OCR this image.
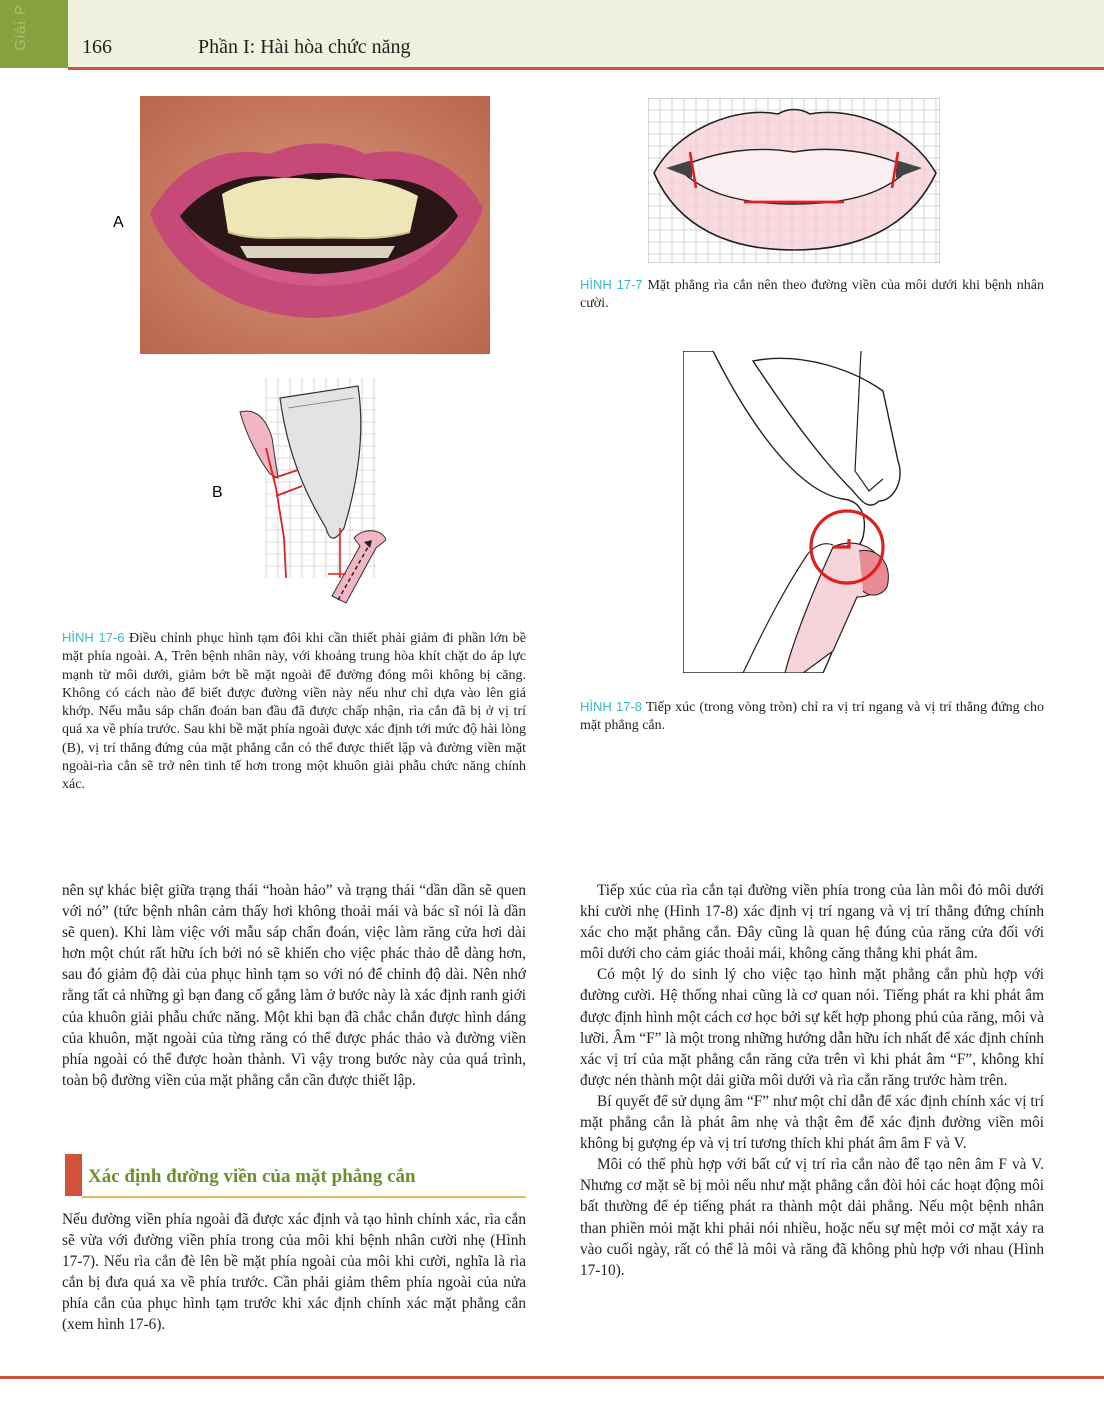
Giải P	166	Phần I: Hài hòa chức năng
A
B
HÌNH 17-6 Điều chỉnh phục hình tạm đôi khi cần thiết phải giảm đi phần lớn bề mặt phía ngoài. A, Trên bệnh nhân này, với khoảng trung hòa khít chặt do áp lực mạnh từ môi dưới, giảm bớt bề mặt ngoài để đường đóng môi không bị căng. Không có cách nào để biết được đường viền này nếu như chỉ dựa vào lên giá khớp. Nếu mẫu sáp chẩn đoán ban đầu đã được chấp nhận, rìa cắn đã bị ở vị trí quá xa về phía trước. Sau khi bề mặt phía ngoài được xác định tới mức độ hài lòng (B), vị trí thẳng đứng của mặt phẳng cắn có thể được thiết lập và đường viền mặt ngoài-rìa cắn sẽ trở nên tinh tế hơn trong một khuôn giải phẫu chức năng chính xác.
HÌNH 17-7 Mặt phẳng rìa cắn nên theo đường viền của môi dưới khi bệnh nhân cười.
HÌNH 17-8 Tiếp xúc (trong vòng tròn) chỉ ra vị trí ngang và vị trí thẳng đứng cho mặt phẳng cắn.

nên sự khác biệt giữa trạng thái “hoàn hảo” và trạng thái “dần dần sẽ quen với nó” (tức bệnh nhân cảm thấy hơi không thoải mái và bác sĩ nói là dần sẽ quen). Khi làm việc với mẫu sáp chẩn đoán, việc làm răng cửa hơi dài hơn một chút rất hữu ích bởi nó sẽ khiến cho việc phác thảo dễ dàng hơn, sau đó giảm độ dài của phục hình tạm so với nó để chỉnh độ dài. Nên nhớ rằng tất cả những gì bạn đang cố gắng làm ở bước này là xác định ranh giới của khuôn giải phẫu chức năng. Một khi bạn đã chắc chắn được hình dáng của khuôn, mặt ngoài của từng răng có thể được phác thảo và đường viền phía ngoài có thể được hoàn thành. Vì vậy trong bước này của quá trình, toàn bộ đường viền của mặt phẳng cắn cần được thiết lập.

Xác định đường viền của mặt phẳng cắn

Nếu đường viền phía ngoài đã được xác định và tạo hình chính xác, rìa cắn sẽ vừa với đường viền phía trong của môi khi bệnh nhân cười nhẹ (Hình 17-7). Nếu rìa cắn đè lên bề mặt phía ngoài của môi khi cười, nghĩa là rìa cắn bị đưa quá xa về phía trước. Cần phải giảm thêm phía ngoài của nửa phía cắn của phục hình tạm trước khi xác định chính xác mặt phẳng cắn (xem hình 17-6).

Tiếp xúc của rìa cắn tại đường viền phía trong của làn môi đỏ môi dưới khi cười nhẹ (Hình 17-8) xác định vị trí ngang và vị trí thẳng đứng chính xác cho mặt phẳng cắn. Đây cũng là quan hệ đúng của răng cửa đối với môi dưới cho cảm giác thoải mái, không căng thẳng khi phát âm.

Có một lý do sinh lý cho việc tạo hình mặt phẳng cắn phù hợp với đường cười. Hệ thống nhai cũng là cơ quan nói. Tiếng phát ra khi phát âm được định hình một cách cơ học bởi sự kết hợp phong phú của răng, môi và lưỡi. Âm “F” là một trong những hướng dẫn hữu ích nhất để xác định chính xác vị trí của mặt phẳng cắn răng cửa trên vì khi phát âm “F”, không khí được nén thành một dải giữa môi dưới và rìa cắn răng trước hàm trên.

Bí quyết để sử dụng âm “F” như một chỉ dẫn để xác định chính xác vị trí mặt phẳng cắn là phát âm nhẹ và thật êm để xác định đường viền môi không bị gượng ép và vị trí tương thích khi phát âm âm F và V.

Môi có thể phù hợp với bất cứ vị trí rìa cắn nào để tạo nên âm F và V. Nhưng cơ mặt sẽ bị mỏi nếu như mặt phẳng cắn đòi hỏi các hoạt động môi bất thường để ép tiếng phát ra thành một dải phẳng. Nếu một bệnh nhân than phiền mỏi mặt khi phải nói nhiều, hoặc nếu sự mệt mỏi cơ mặt xảy ra vào cuối ngày, rất có thể là môi và răng đã không phù hợp với nhau (Hình 17-10).
